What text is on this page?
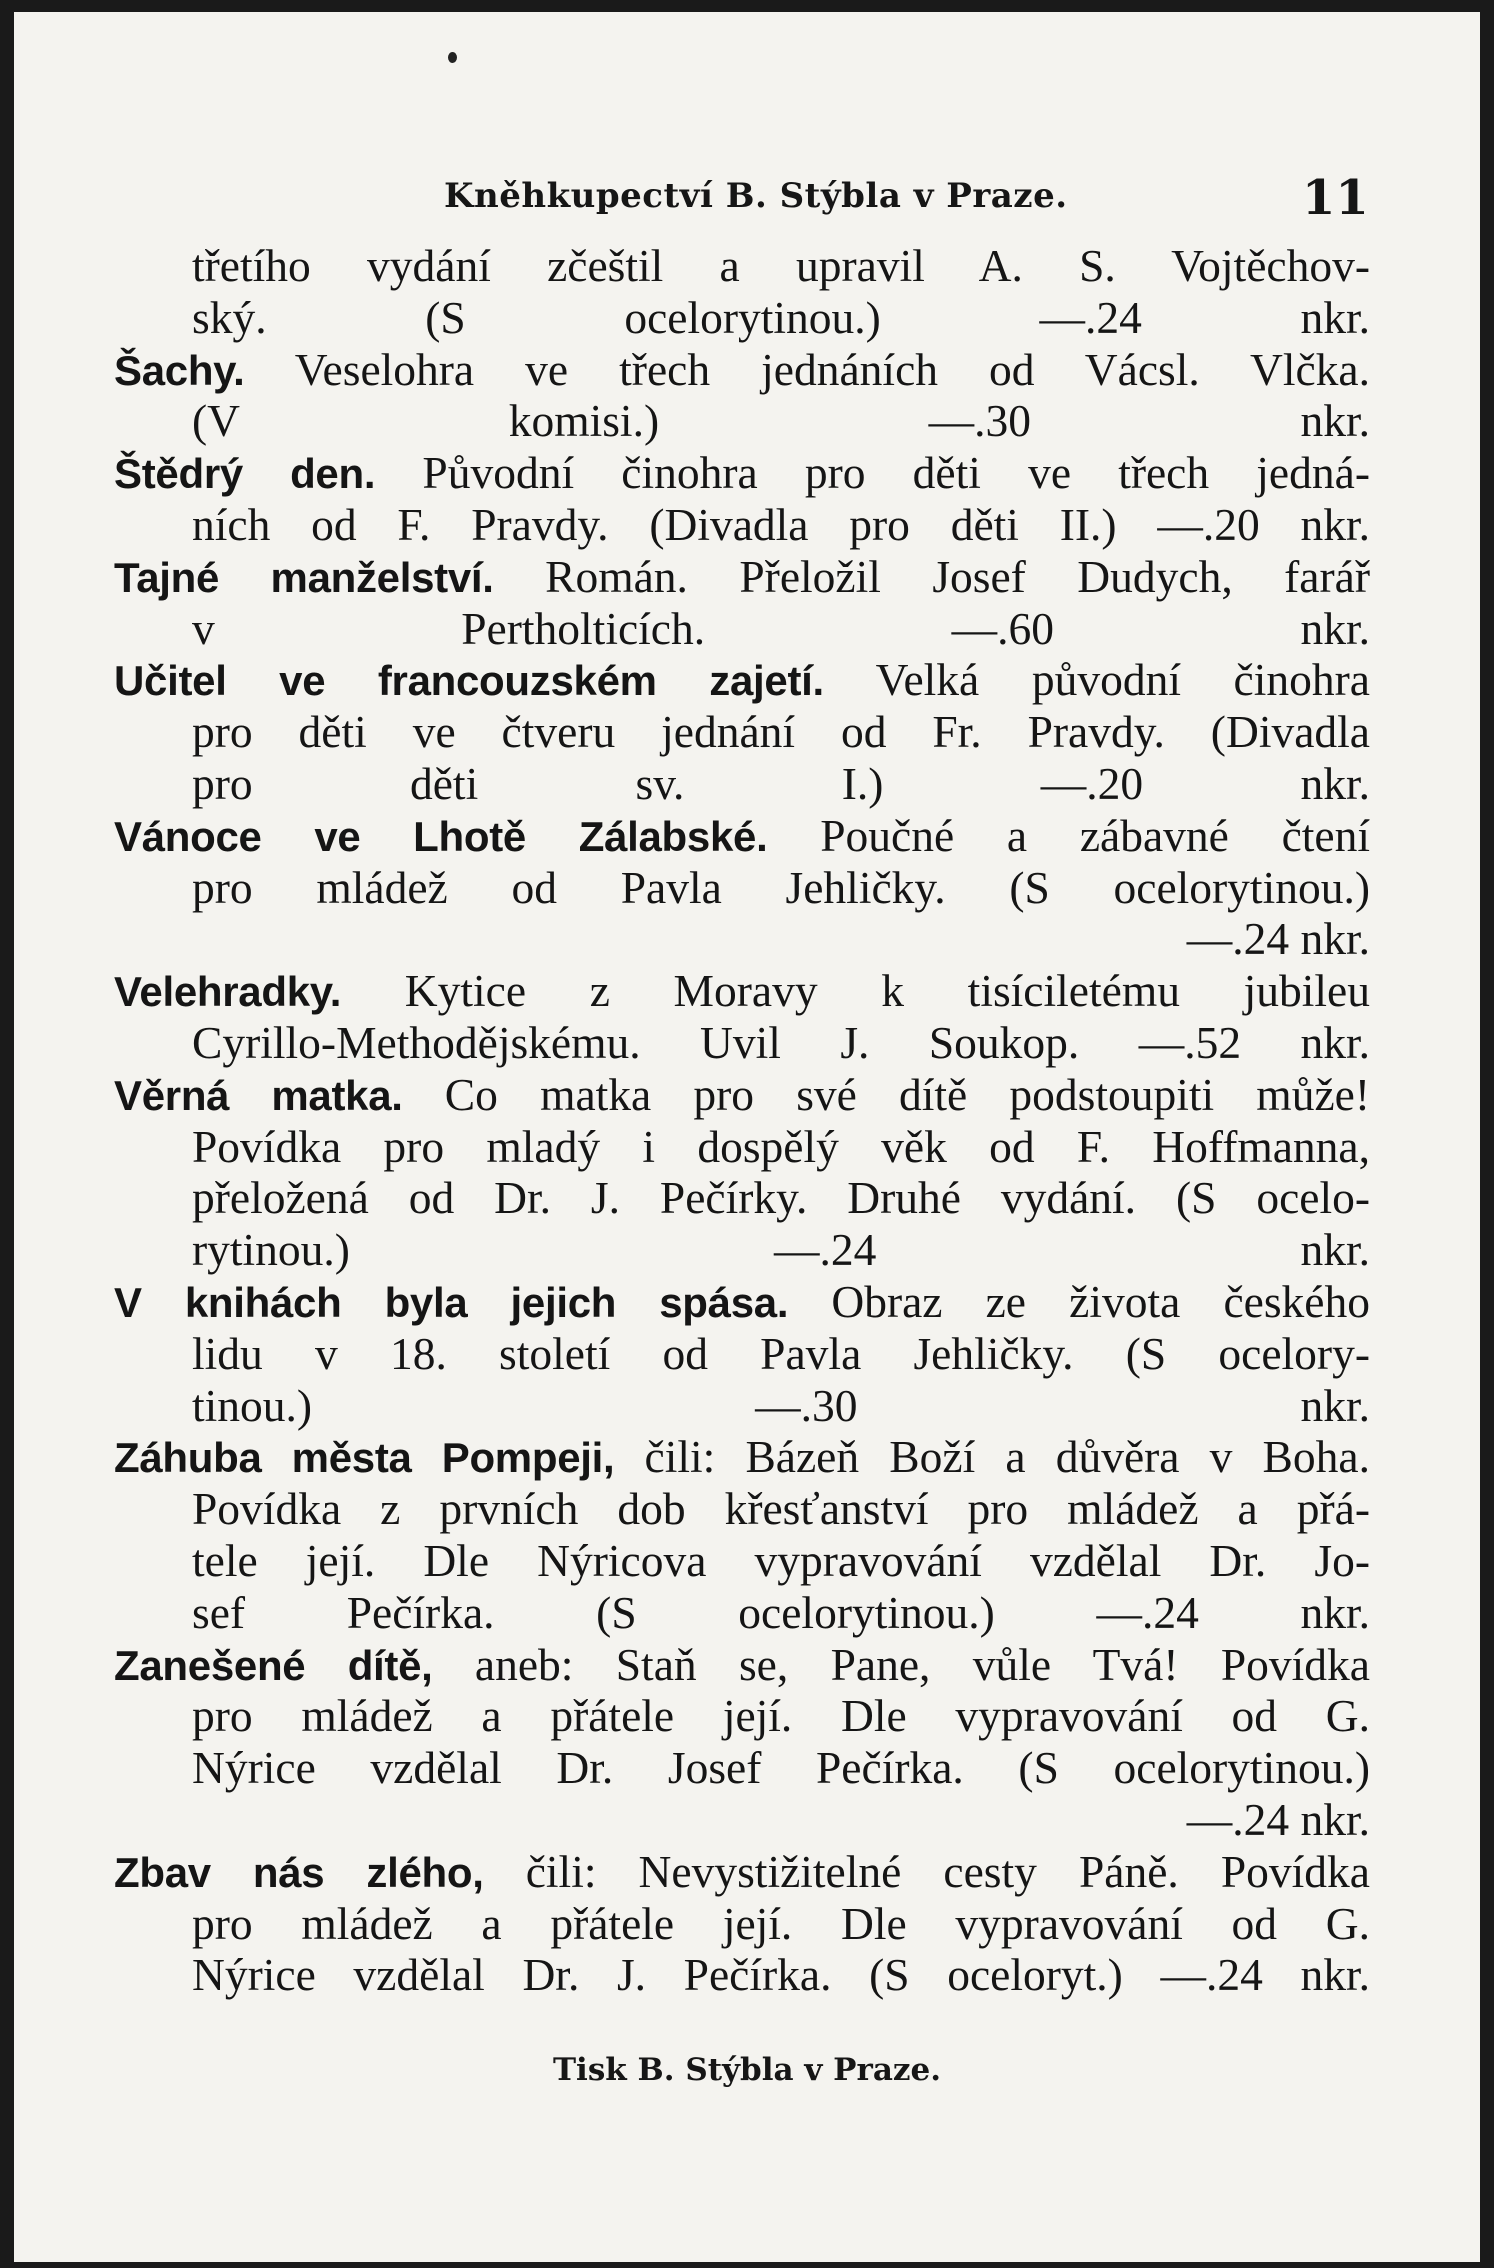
Kněhkupectví B. Stýbla v Praze.	11
třetího vydání zčeštil a upravil A. S. Vojtěchov-
ský. (S ocelorytinou.) —.24 nkr.
Šachy. Veselohra ve třech jednáních od Vácsl. Vlčka.
(V komisi.) —.30 nkr.
Štědrý den. Původní činohra pro děti ve třech jedná-
ních od F. Pravdy. (Divadla pro děti II.) —.20 nkr.
Tajné manželství. Román. Přeložil Josef Dudych, farář
v Pertholticích. —.60 nkr.
Učitel ve francouzském zajetí. Velká původní činohra
pro děti ve čtveru jednání od Fr. Pravdy. (Divadla
pro děti sv. I.) —.20 nkr.
Vánoce ve Lhotě Zálabské. Poučné a zábavné čtení
pro mládež od Pavla Jehličky. (S ocelorytinou.)
—.24 nkr.
Velehradky. Kytice z Moravy k tisíciletému jubileu
Cyrillo-Methodějskému. Uvil J. Soukop. —.52 nkr.
Věrná matka. Co matka pro své dítě podstoupiti může!
Povídka pro mladý i dospělý věk od F. Hoffmanna,
přeložená od Dr. J. Pečírky. Druhé vydání. (S ocelo-
rytinou.) —.24 nkr.
V knihách byla jejich spása. Obraz ze života českého
lidu v 18. století od Pavla Jehličky. (S ocelory-
tinou.) —.30 nkr.
Záhuba města Pompeji, čili: Bázeň Boží a důvěra v Boha.
Povídka z prvních dob křesťanství pro mládež a přá-
tele její. Dle Nýricova vypravování vzdělal Dr. Jo-
sef Pečírka. (S ocelorytinou.) —.24 nkr.
Zanešené dítě, aneb: Staň se, Pane, vůle Tvá! Povídka
pro mládež a přátele její. Dle vypravování od G.
Nýrice vzdělal Dr. Josef Pečírka. (S ocelorytinou.)
—.24 nkr.
Zbav nás zlého, čili: Nevystižitelné cesty Páně. Povídka
pro mládež a přátele její. Dle vypravování od G.
Nýrice vzdělal Dr. J. Pečírka. (S oceloryt.) —.24 nkr.
Tisk B. Stýbla v Praze.
